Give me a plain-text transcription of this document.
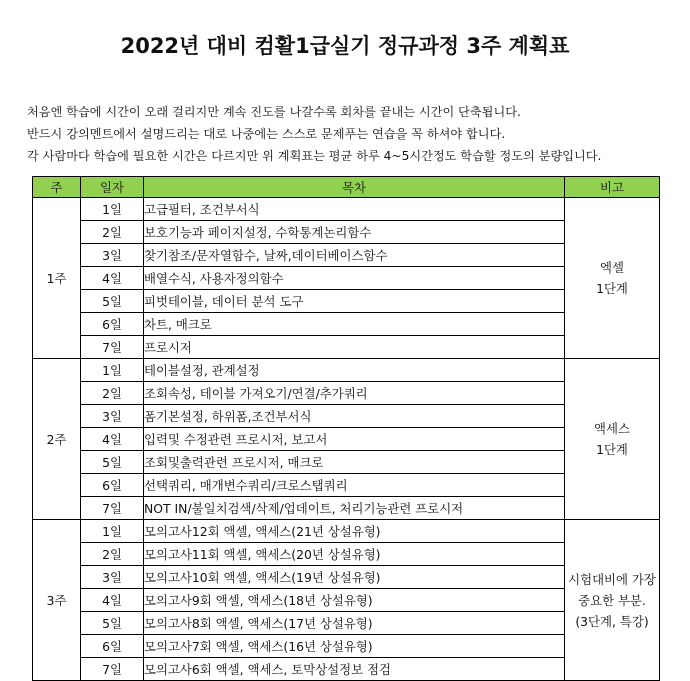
2022년 대비 컴활1급실기 정규과정 3주 계획표
처음엔 학습에 시간이 오래 걸리지만 계속 진도를 나갈수록 회차를 끝내는 시간이 단축됩니다.
반드시 강의멘트에서 설명드리는 대로 나중에는 스스로 문제푸는 연습을 꼭 하셔야 합니다.
각 사람마다 학습에 필요한 시간은 다르지만 위 계획표는 평균 하루 4~5시간정도 학습할 정도의 분량입니다.
주	일자	목차	비고
1주	1일	고급필터, 조건부서식	엑셀
1단계

	2일	보호기능과 페이지설정, 수학통계논리함수	
	3일	찾기참조/문자열함수, 날짜,데이터베이스함수	
	4일	배열수식, 사용자정의함수	
	5일	피벗테이블, 데이터 분석 도구	
	6일	차트, 매크로	
	7일	프로시저	
2주	1일	테이블설정, 관계설정	액세스
1단계

	2일	조회속성, 테이블 가져오기/연결/추가쿼리	
	3일	폼기본설정, 하위폼,조건부서식	
	4일	입력및 수정관련 프로시저, 보고서	
	5일	조회및출력관련 프로시저, 매크로	
	6일	선택쿼리, 매개변수쿼리/크로스탭쿼리	
	7일	NOT IN/불일치검색/삭제/업데이트, 처리기능관련 프로시저	
3주	1일	모의고사12회 액셀, 액세스(21년 상설유형)	시험대비에 가장
중요한 부분.
(3단계, 특강)

	2일	모의고사11회 액셀, 액세스(20년 상설유형)	
	3일	모의고사10회 액셀, 액세스(19년 상설유형)	
	4일	모의고사9회 액셀, 액세스(18년 상설유형)	
	5일	모의고사8회 액셀, 액세스(17년 상설유형)	
	6일	모의고사7회 액셀, 액세스(16년 상설유형)	
	7일	모의고사6회 액셀, 액세스, 토막상설정보 점검	
